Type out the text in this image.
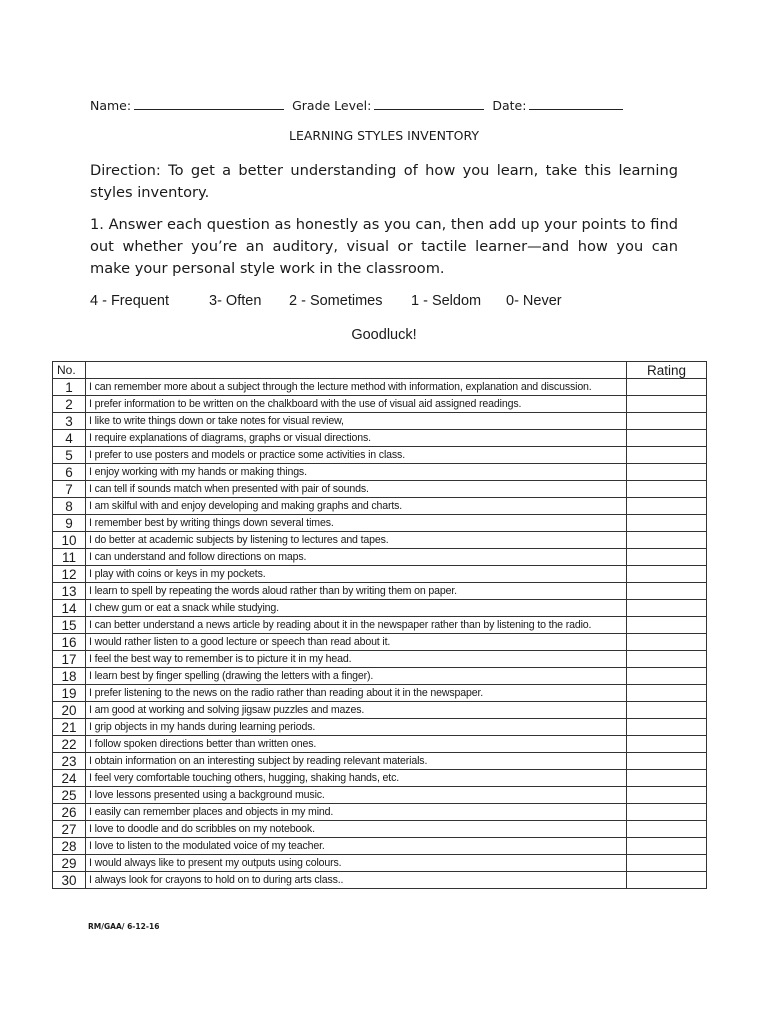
Name:	Grade Level:	Date:
LEARNING STYLES INVENTORY
Direction: To get a better understanding of how you learn, take this learning styles inventory.
1. Answer each question as honestly as you can, then add up your points to find out whether you’re an auditory, visual or tactile learner—and how you can make your personal style work in the classroom.
4 - Frequent	3- Often 2 - Sometimes 1 - Seldom 0- Never
Goodluck!
No.		Rating
1	I can remember more about a subject through the lecture method with information, explanation and discussion.	
2	I prefer information to be written on the chalkboard with the use of visual aid assigned readings.	
3	I like to write things down or take notes for visual review,	
4	I require explanations of diagrams, graphs or visual directions.	
5	I prefer to use posters and models or practice some activities in class.	
6	I enjoy working with my hands or making things.	
7	I can tell if sounds match when presented with pair of sounds.	
8	I am skilful with and enjoy developing and making graphs and charts.	
9	I remember best by writing things down several times.	
10	I do better at academic subjects by listening to lectures and tapes.	
11	I can understand and follow directions on maps.	
12	I play with coins or keys in my pockets.	
13	I learn to spell by repeating the words aloud rather than by writing them on paper.	
14	I chew gum or eat a snack while studying.	
15	I can better understand a news article by reading about it in the newspaper rather than by listening to the radio.	
16	I would rather listen to a good lecture or speech than read about it.	
17	I feel the best way to remember is to picture it in my head.	
18	I learn best by finger spelling (drawing the letters with a finger).	
19	I prefer listening to the news on the radio rather than reading about it in the newspaper.	
20	I am good at working and solving jigsaw puzzles and mazes.	
21	I grip objects in my hands during learning periods.	
22	I follow spoken directions better than written ones.	
23	I obtain information on an interesting subject by reading relevant materials.	
24	I feel very comfortable touching others, hugging, shaking hands, etc.	
25	I love lessons presented using a background music.	
26	I easily can remember places and objects in my mind.	
27	I love to doodle and do scribbles on my notebook.	
28	I love to listen to the modulated voice of my teacher.	
29	I would always like to present my outputs using colours.	
30	I always look for crayons to hold on to during arts class..	
RM/GAA/ 6-12-16
